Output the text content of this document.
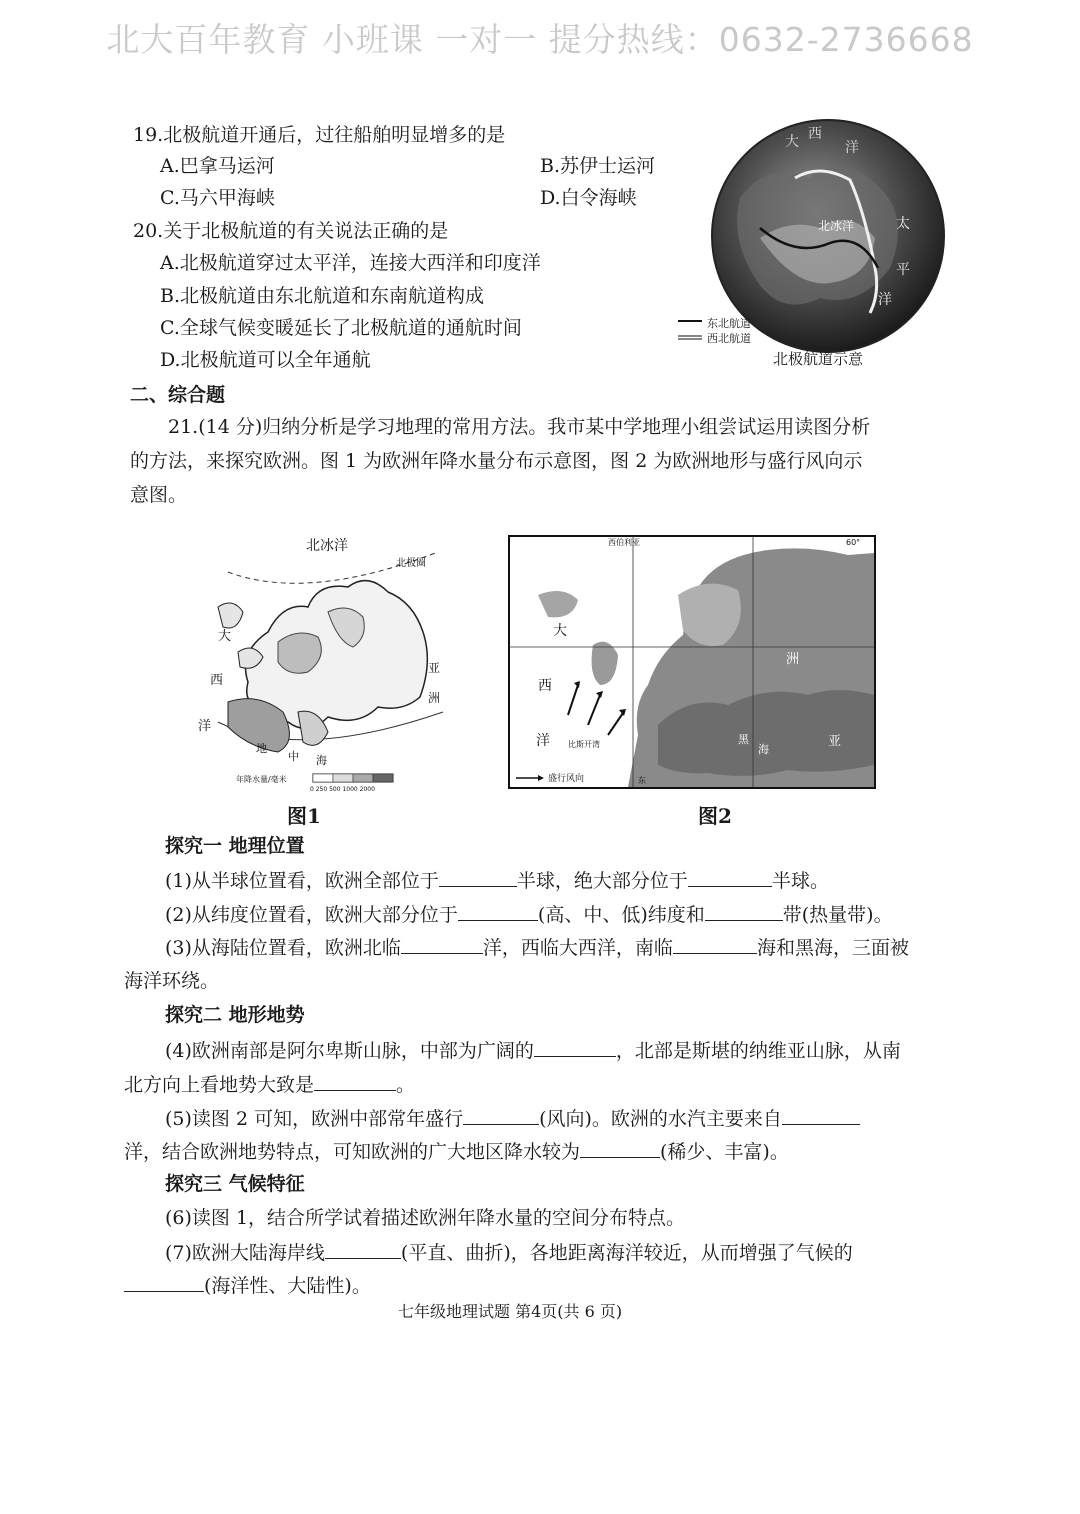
北大百年教育 小班课 一对一 提分热线：0632-2736668
19.北极航道开通后，过往船舶明显增多的是
A.巴拿马运河	B.苏伊士运河
C.马六甲海峡	D.白令海峡
20.关于北极航道的有关说法正确的是
A.北极航道穿过太平洋，连接大西洋和印度洋
B.北极航道由东北航道和东南航道构成
C.全球气候变暖延长了北极航道的通航时间
D.北极航道可以全年通航
大 西
洋
北冰洋	太
平
洋
东北航道
西北航道
北极航道示意
二、综合题
21.(14 分)归纳分析是学习地理的常用方法。我市某中学地理小组尝试运用读图分析
的方法，来探究欧洲。图 1 为欧洲年降水量分布示意图，图 2 为欧洲地形与盛行风向示
意图。
北冰洋
北极圈
大
西
洋
地
中 海
亚
洲
年降水量/毫米
0 250 500 1000 2000
图1
西伯利亚
大
西
洋 比斯开湾
洲
亚
黑
海
盛行风向	东
60°
图2
探究一 地理位置
(1)从半球位置看，欧洲全部位于	半球，绝大部分位于	半球。
(2)从纬度位置看，欧洲大部分位于	(高、中、低)纬度和	带(热量带)。
(3)从海陆位置看，欧洲北临	洋，西临大西洋，南临	海和黑海，三面被
海洋环绕。
探究二 地形地势
(4)欧洲南部是阿尔卑斯山脉，中部为广阔的	，北部是斯堪的纳维亚山脉，从南
北方向上看地势大致是	。
(5)读图 2 可知，欧洲中部常年盛行	(风向)。欧洲的水汽主要来自
洋，结合欧洲地势特点，可知欧洲的广大地区降水较为	(稀少、丰富)。
探究三 气候特征
(6)读图 1，结合所学试着描述欧洲年降水量的空间分布特点。
(7)欧洲大陆海岸线	(平直、曲折)，各地距离海洋较近，从而增强了气候的
(海洋性、大陆性)。
七年级地理试题 第4页(共 6 页)
